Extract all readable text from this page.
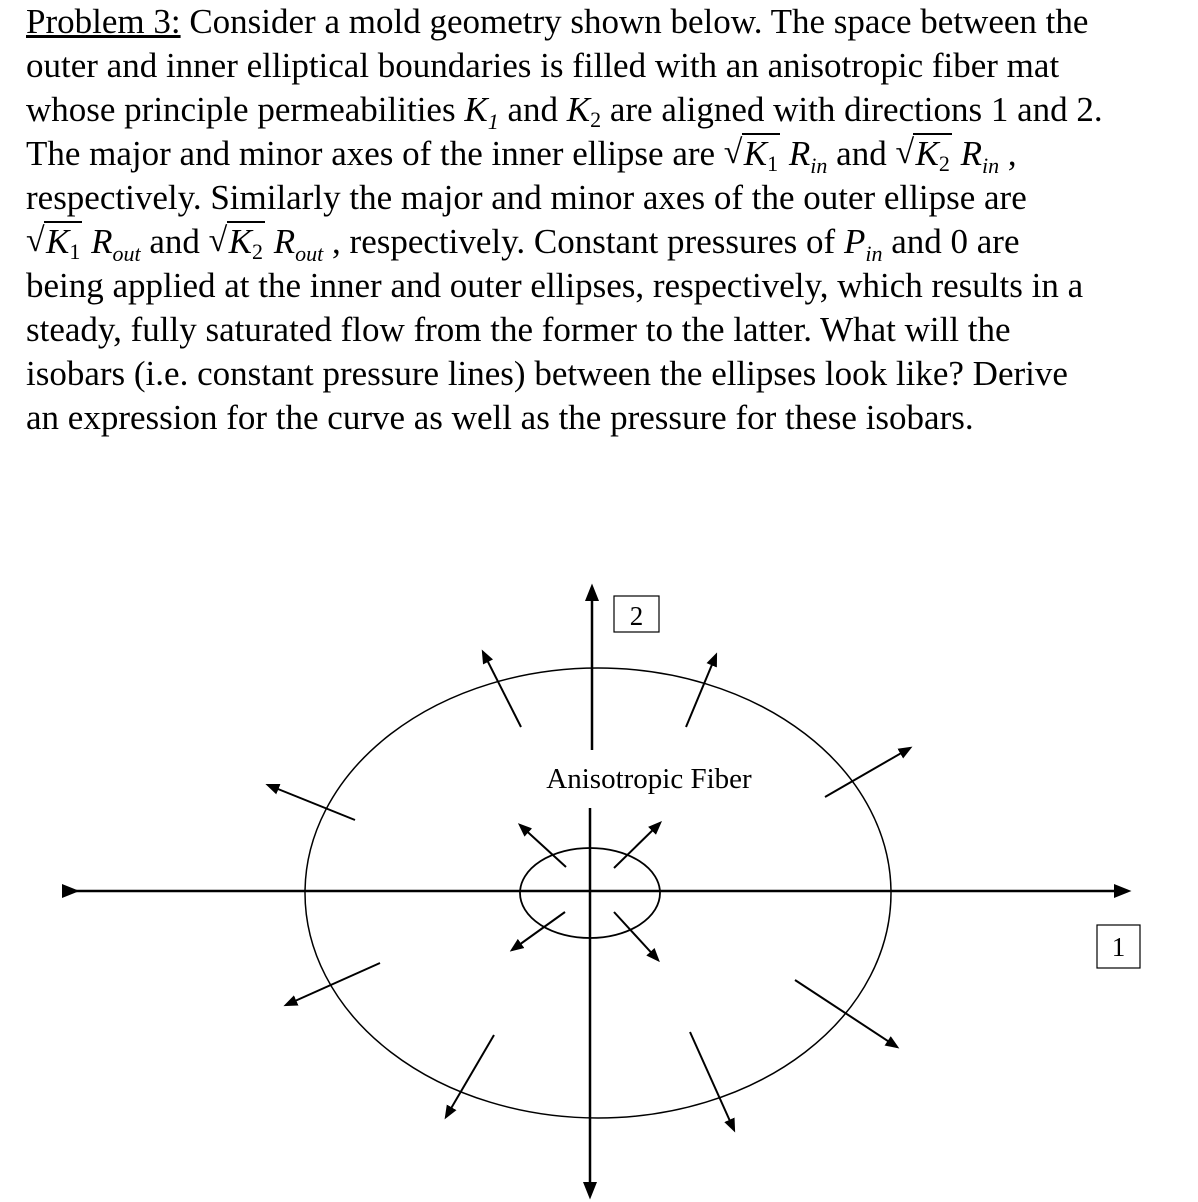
Problem 3: Consider a mold geometry shown below. The space between the
outer and inner elliptical boundaries is filled with an anisotropic fiber mat
whose principle permeabilities $K_1$ and $K_2$ are aligned with directions 1 and 2.
The major and minor axes of the inner ellipse are √ $K_1$ $R_{in}$ and √ $K_2$ $R_{in}$ ,
respectively. Similarly the major and minor axes of the outer ellipse are
√ $K_1$ $R_{out}$ and √ $K_2$ $R_{out}$ , respectively. Constant pressures of $P_{in}$ and 0 are
being applied at the inner and outer ellipses, respectively, which results in a
steady, fully saturated flow from the former to the latter. What will the
isobars (i.e. constant pressure lines) between the ellipses look like? Derive
an expression for the curve as well as the pressure for these isobars.
2
1
Anisotropic Fiber
